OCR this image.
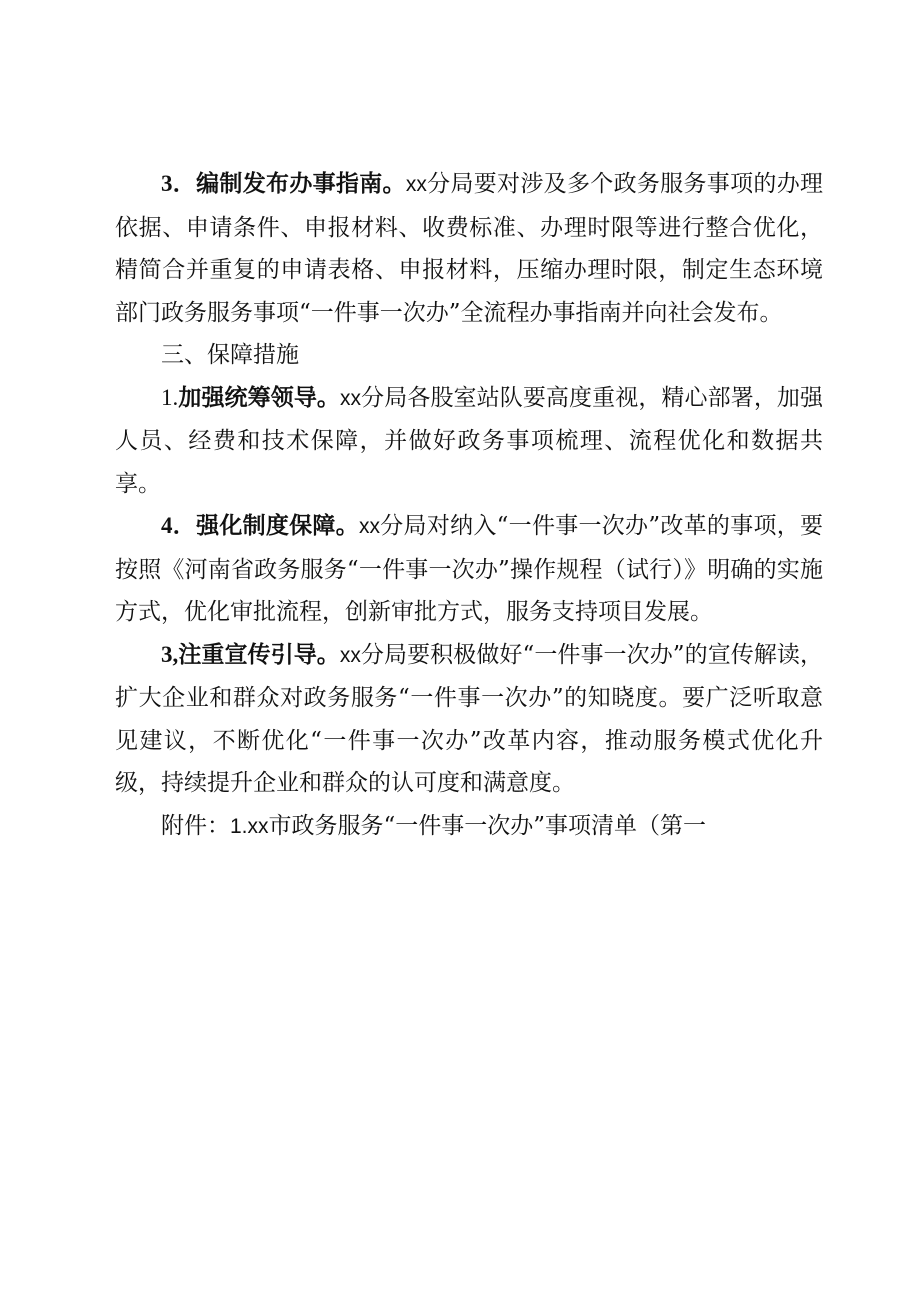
3．编制发布办事指南。xx分局要对涉及多个政务服务事项的办理依据、申请条件、申报材料、收费标准、办理时限等进行整合优化，精简合并重复的申请表格、申报材料，压缩办理时限，制定生态环境部门政务服务事项“一件事一次办”全流程办事指南并向社会发布。

三、保障措施

1.加强统筹领导。xx分局各股室站队要高度重视，精心部署，加强人员、经费和技术保障，并做好政务事项梳理、流程优化和数据共享。

4．强化制度保障。xx分局对纳入“一件事一次办”改革的事项，要按照《河南省政务服务“一件事一次办”操作规程（试行）》明确的实施方式，优化审批流程，创新审批方式，服务支持项目发展。

3,注重宣传引导。xx分局要积极做好“一件事一次办”的宣传解读，扩大企业和群众对政务服务“一件事一次办”的知晓度。要广泛听取意见建议，不断优化“一件事一次办”改革内容，推动服务模式优化升级，持续提升企业和群众的认可度和满意度。

附件：1.xx市政务服务“一件事一次办”事项清单（第一
